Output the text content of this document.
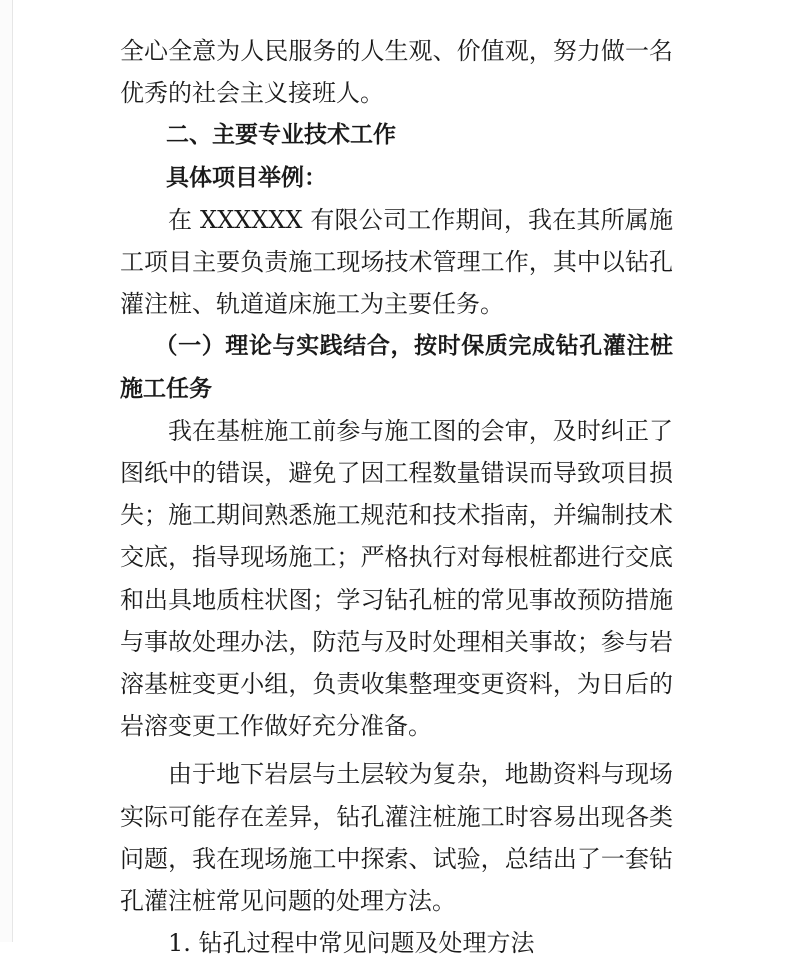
全心全意为人民服务的人生观、价值观，努力做一名优秀的社会主义接班人。

二、主要专业技术工作
具体项目举例：

在 XXXXXX 有限公司工作期间，我在其所属施工项目主要负责施工现场技术管理工作，其中以钻孔灌注桩、轨道道床施工为主要任务。

（一）理论与实践结合，按时保质完成钻孔灌注桩施工任务

我在基桩施工前参与施工图的会审，及时纠正了图纸中的错误，避免了因工程数量错误而导致项目损失；施工期间熟悉施工规范和技术指南，并编制技术交底，指导现场施工；严格执行对每根桩都进行交底和出具地质柱状图；学习钻孔桩的常见事故预防措施与事故处理办法，防范与及时处理相关事故；参与岩溶基桩变更小组，负责收集整理变更资料，为日后的岩溶变更工作做好充分准备。

由于地下岩层与土层较为复杂，地勘资料与现场实际可能存在差异，钻孔灌注桩施工时容易出现各类问题，我在现场施工中探索、试验，总结出了一套钻孔灌注桩常见问题的处理方法。

1. 钻孔过程中常见问题及处理方法
